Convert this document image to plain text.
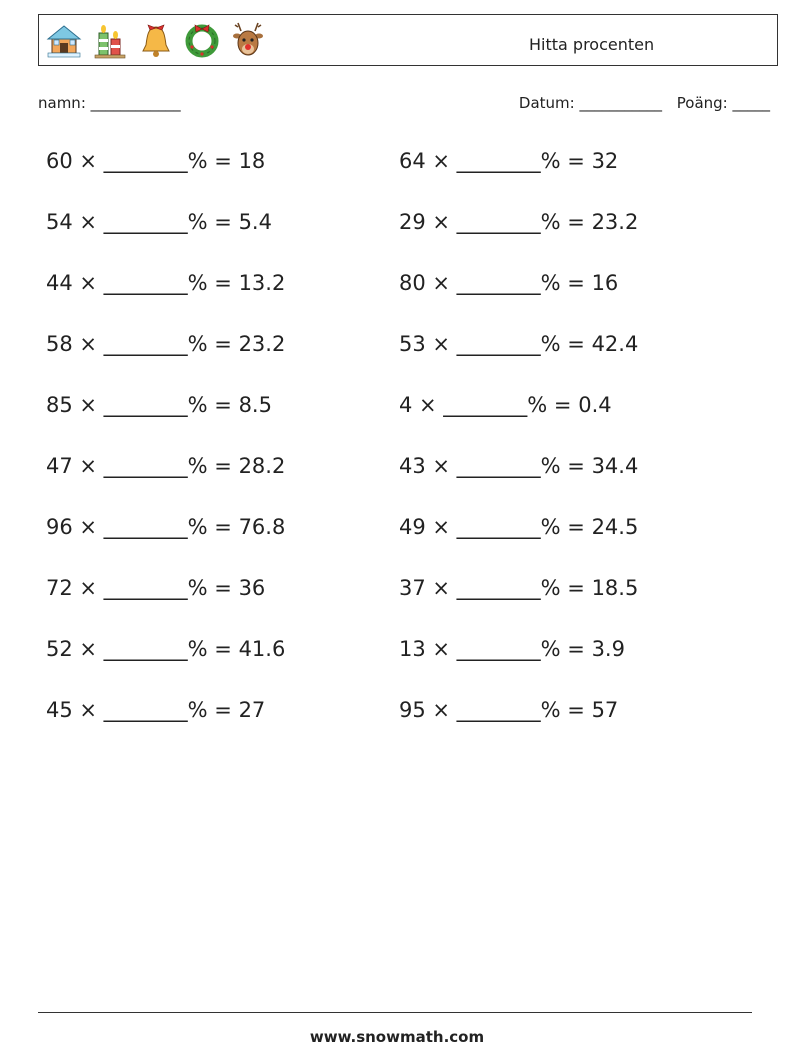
Hitta procenten
namn: ____________	Datum: ___________ Poäng: _____
60 × ________% = 18
54 × ________% = 5.4
44 × ________% = 13.2
58 × ________% = 23.2
85 × ________% = 8.5
47 × ________% = 28.2
96 × ________% = 76.8
72 × ________% = 36
52 × ________% = 41.6
45 × ________% = 27
64 × ________% = 32
29 × ________% = 23.2
80 × ________% = 16
53 × ________% = 42.4
4 × ________% = 0.4
43 × ________% = 34.4
49 × ________% = 24.5
37 × ________% = 18.5
13 × ________% = 3.9
95 × ________% = 57
www.snowmath.com
